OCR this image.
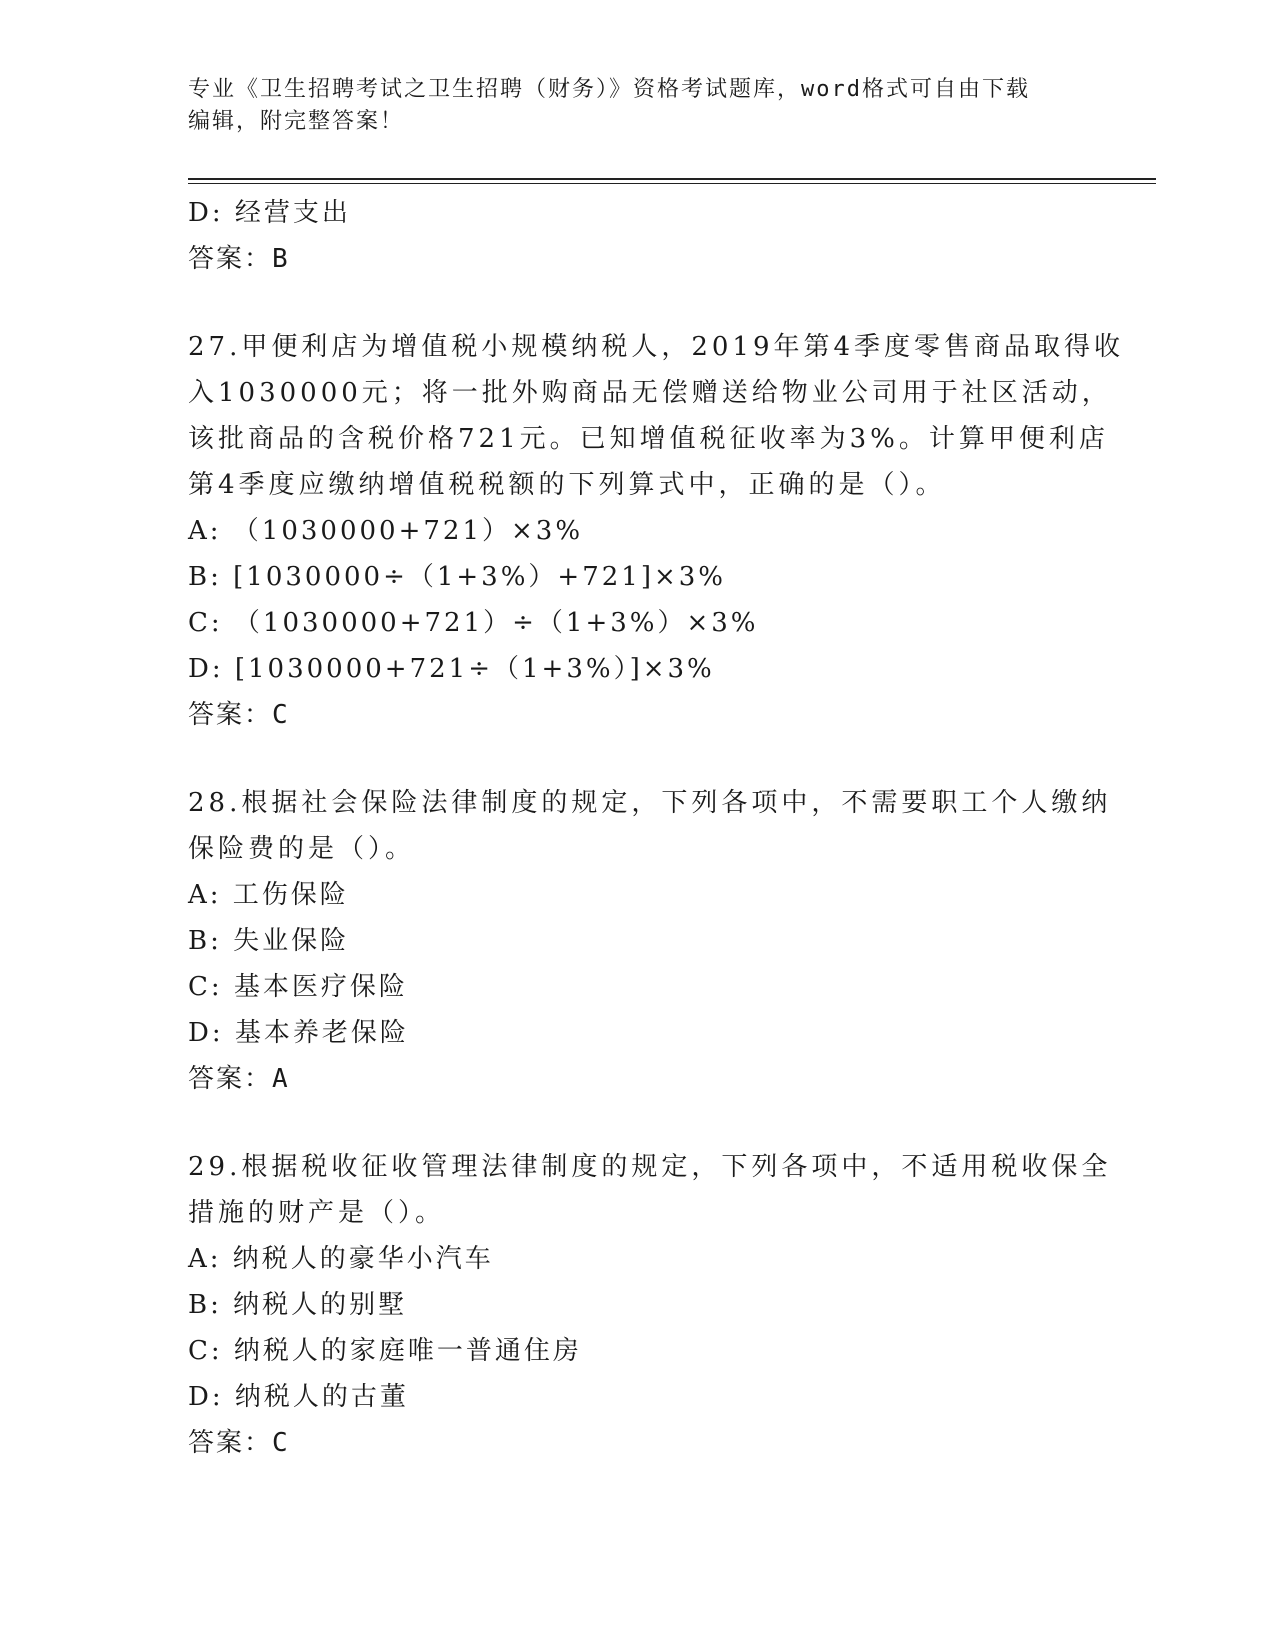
专业《卫生招聘考试之卫生招聘（财务）》资格考试题库，word格式可自由下载
编辑，附完整答案！
D: 经营支出
答案：B
27.甲便利店为增值税小规模纳税人，2019年第4季度零售商品取得收
入1030000元；将一批外购商品无偿赠送给物业公司用于社区活动，
该批商品的含税价格721元。已知增值税征收率为3%。计算甲便利店
第4季度应缴纳增值税税额的下列算式中，正确的是（）。
A: （1030000+721）×3%
B: [1030000÷（1+3%）+721]×3%
C: （1030000+721）÷（1+3%）×3%
D: [1030000+721÷（1+3%）]×3%
答案：C
28.根据社会保险法律制度的规定，下列各项中，不需要职工个人缴纳
保险费的是（）。
A: 工伤保险
B: 失业保险
C: 基本医疗保险
D: 基本养老保险
答案：A
29.根据税收征收管理法律制度的规定，下列各项中，不适用税收保全
措施的财产是（）。
A: 纳税人的豪华小汽车
B: 纳税人的别墅
C: 纳税人的家庭唯一普通住房
D: 纳税人的古董
答案：C
